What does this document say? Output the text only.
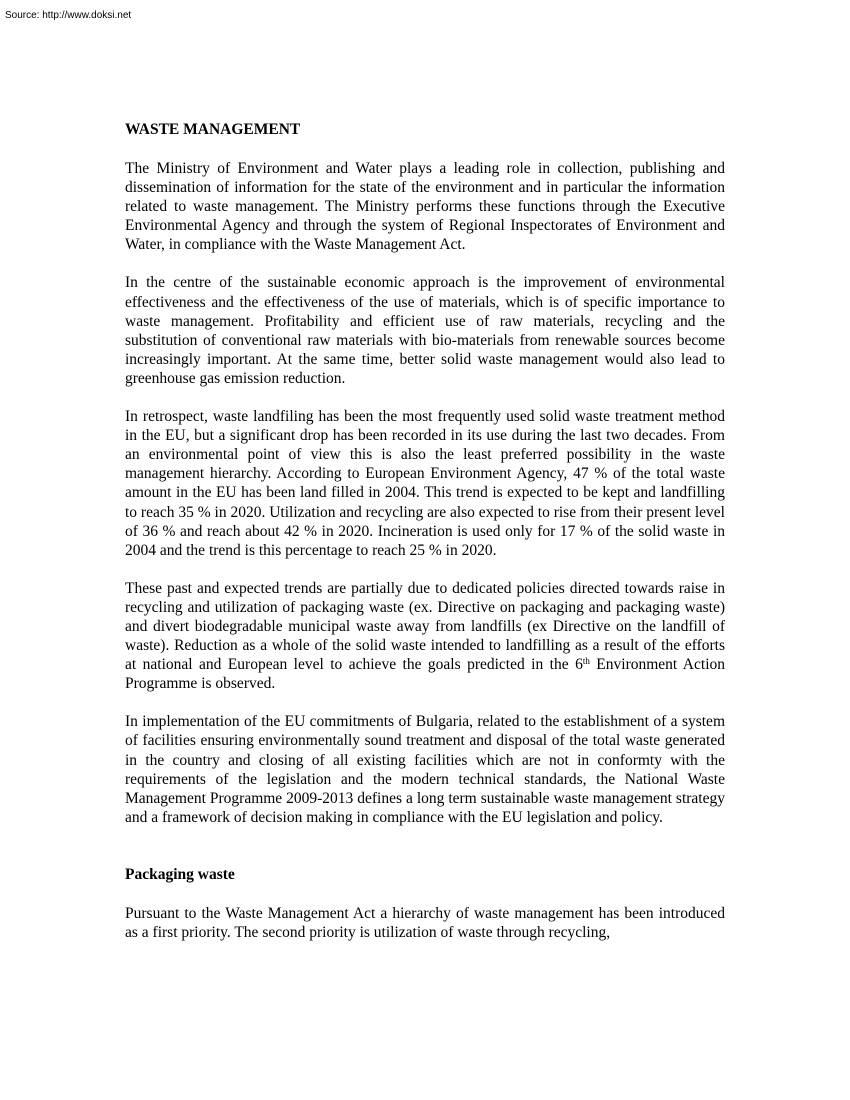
Source: http://www.doksi.net
WASTE MANAGEMENT

The Ministry of Environment and Water plays a leading role in collection, publishing and dissemination of information for the state of the environment and in particular the information related to waste management. The Ministry performs these functions through the Executive Environmental Agency and through the system of Regional Inspectorates of Environment and Water, in compliance with the Waste Management Act.

In the centre of the sustainable economic approach is the improvement of environmental effectiveness and the effectiveness of the use of materials, which is of specific importance to waste management. Profitability and efficient use of raw materials, recycling and the substitution of conventional raw materials with bio-materials from renewable sources become increasingly important. At the same time, better solid waste management would also lead to greenhouse gas emission reduction.

In retrospect, waste landfiling has been the most frequently used solid waste treatment method in the EU, but a significant drop has been recorded in its use during the last two decades. From an environmental point of view this is also the least preferred possibility in the waste management hierarchy. According to European Environment Agency, 47 % of the total waste amount in the EU has been land filled in 2004. This trend is expected to be kept and landfilling to reach 35 % in 2020. Utilization and recycling are also expected to rise from their present level of 36 % and reach about 42 % in 2020. Incineration is used only for 17 % of the solid waste in 2004 and the trend is this percentage to reach 25 % in 2020.

These past and expected trends are partially due to dedicated policies directed towards raise in recycling and utilization of packaging waste (ex. Directive on packaging and packaging waste) and divert biodegradable municipal waste away from landfills (ex Directive on the landfill of waste). Reduction as a whole of the solid waste intended to landfilling as a result of the efforts at national and European level to achieve the goals predicted in the 6th Environment Action Programme is observed.

In implementation of the EU commitments of Bulgaria, related to the establishment of a system of facilities ensuring environmentally sound treatment and disposal of the total waste generated in the country and closing of all existing facilities which are not in conformty with the requirements of the legislation and the modern technical standards, the National Waste Management Programme 2009-2013 defines a long term sustainable waste management strategy and a framework of decision making in compliance with the EU legislation and policy.

Packaging waste

Pursuant to the Waste Management Act a hierarchy of waste management has been introduced as a first priority. The second priority is utilization of waste through recycling,
